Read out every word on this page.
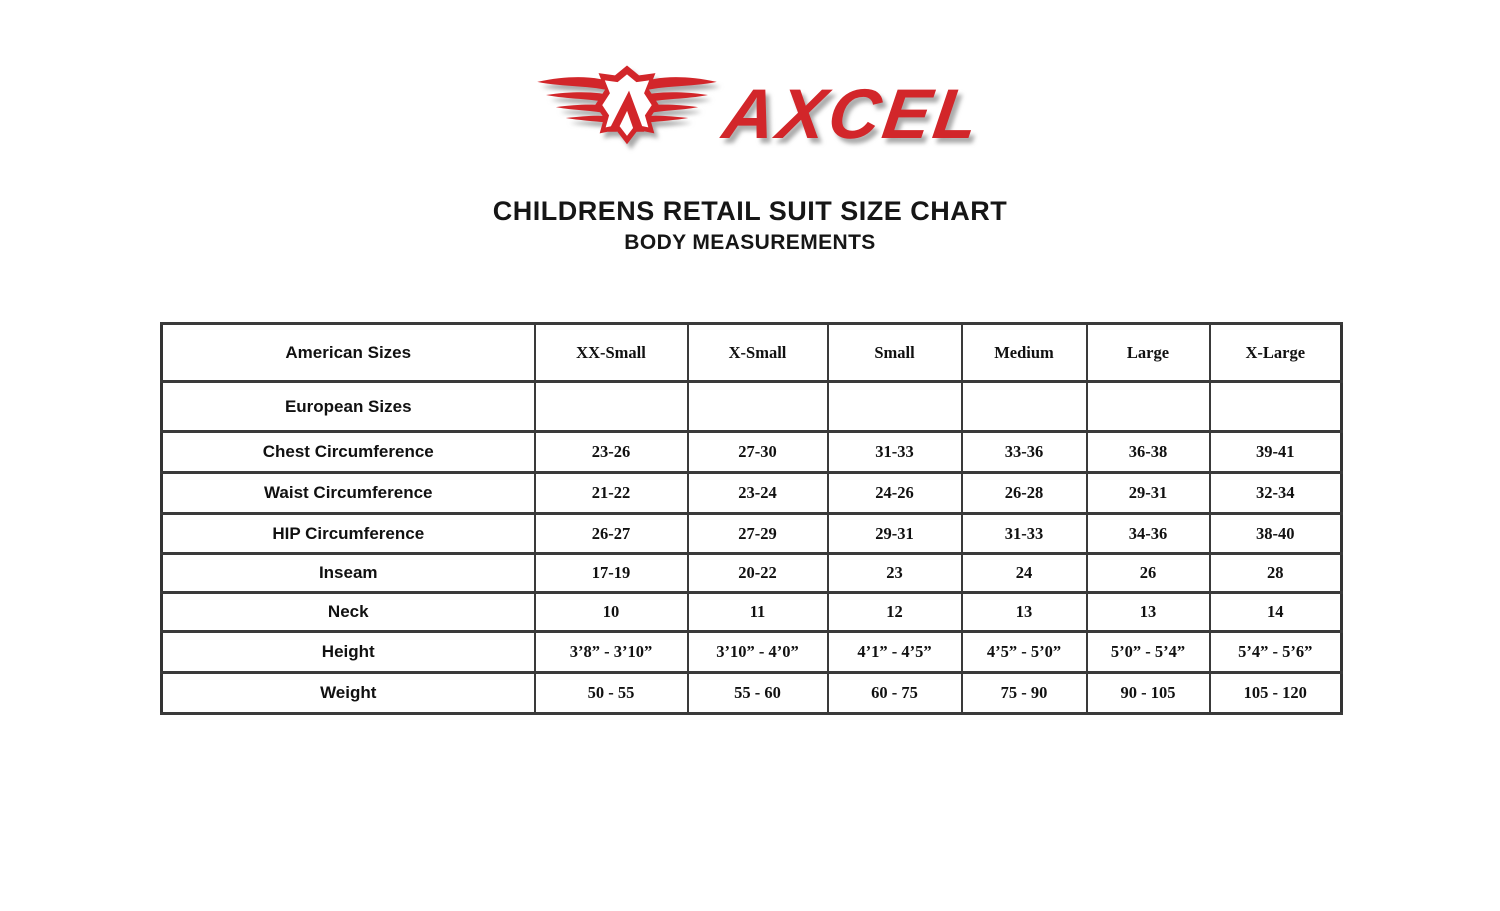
AXCEL
CHILDRENS RETAIL SUIT SIZE CHART
BODY MEASUREMENTS
American Sizes	XX-Small	X-Small	Small	Medium	Large	X-Large
European Sizes						
Chest Circumference	23-26	27-30	31-33	33-36	36-38	39-41
Waist Circumference	21-22	23-24	24-26	26-28	29-31	32-34
HIP Circumference	26-27	27-29	29-31	31-33	34-36	38-40
Inseam	17-19	20-22	23	24	26	28
Neck	10	11	12	13	13	14
Height	3’8” - 3’10”	3’10” - 4’0”	4’1” - 4’5”	4’5” - 5’0”	5’0” - 5’4”	5’4” - 5’6”
Weight	50 - 55	55 - 60	60 - 75	75 - 90	90 - 105	105 - 120
